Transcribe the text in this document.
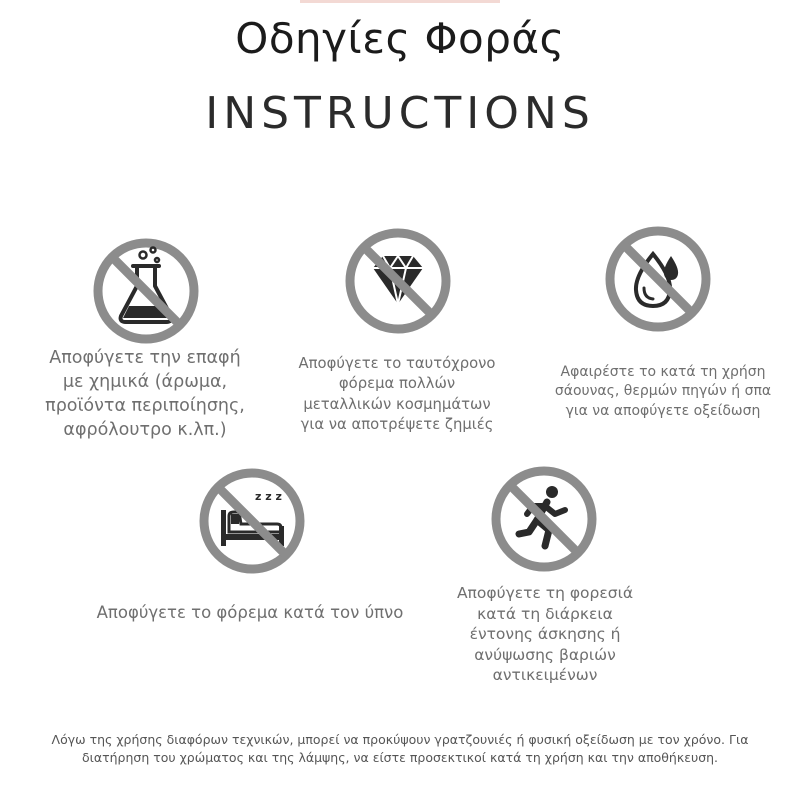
Οδηγίες Φοράς
INSTRUCTIONS
z z z
Αποφύγετε την επαφή
με χημικά (άρωμα,
προϊόντα περιποίησης,
αφρόλουτρο κ.λπ.)
Αποφύγετε το ταυτόχρονο
φόρεμα πολλών
μεταλλικών κοσμημάτων
για να αποτρέψετε ζημιές
Αφαιρέστε το κατά τη χρήση
σάουνας, θερμών πηγών ή σπα
για να αποφύγετε οξείδωση
Αποφύγετε το φόρεμα κατά τον ύπνο
Αποφύγετε τη φορεσιά
κατά τη διάρκεια
έντονης άσκησης ή
ανύψωσης βαριών
αντικειμένων
Λόγω της χρήσης διαφόρων τεχνικών, μπορεί να προκύψουν γρατζουνιές ή φυσική οξείδωση με τον χρόνο. Για
διατήρηση του χρώματος και της λάμψης, να είστε προσεκτικοί κατά τη χρήση και την αποθήκευση.
